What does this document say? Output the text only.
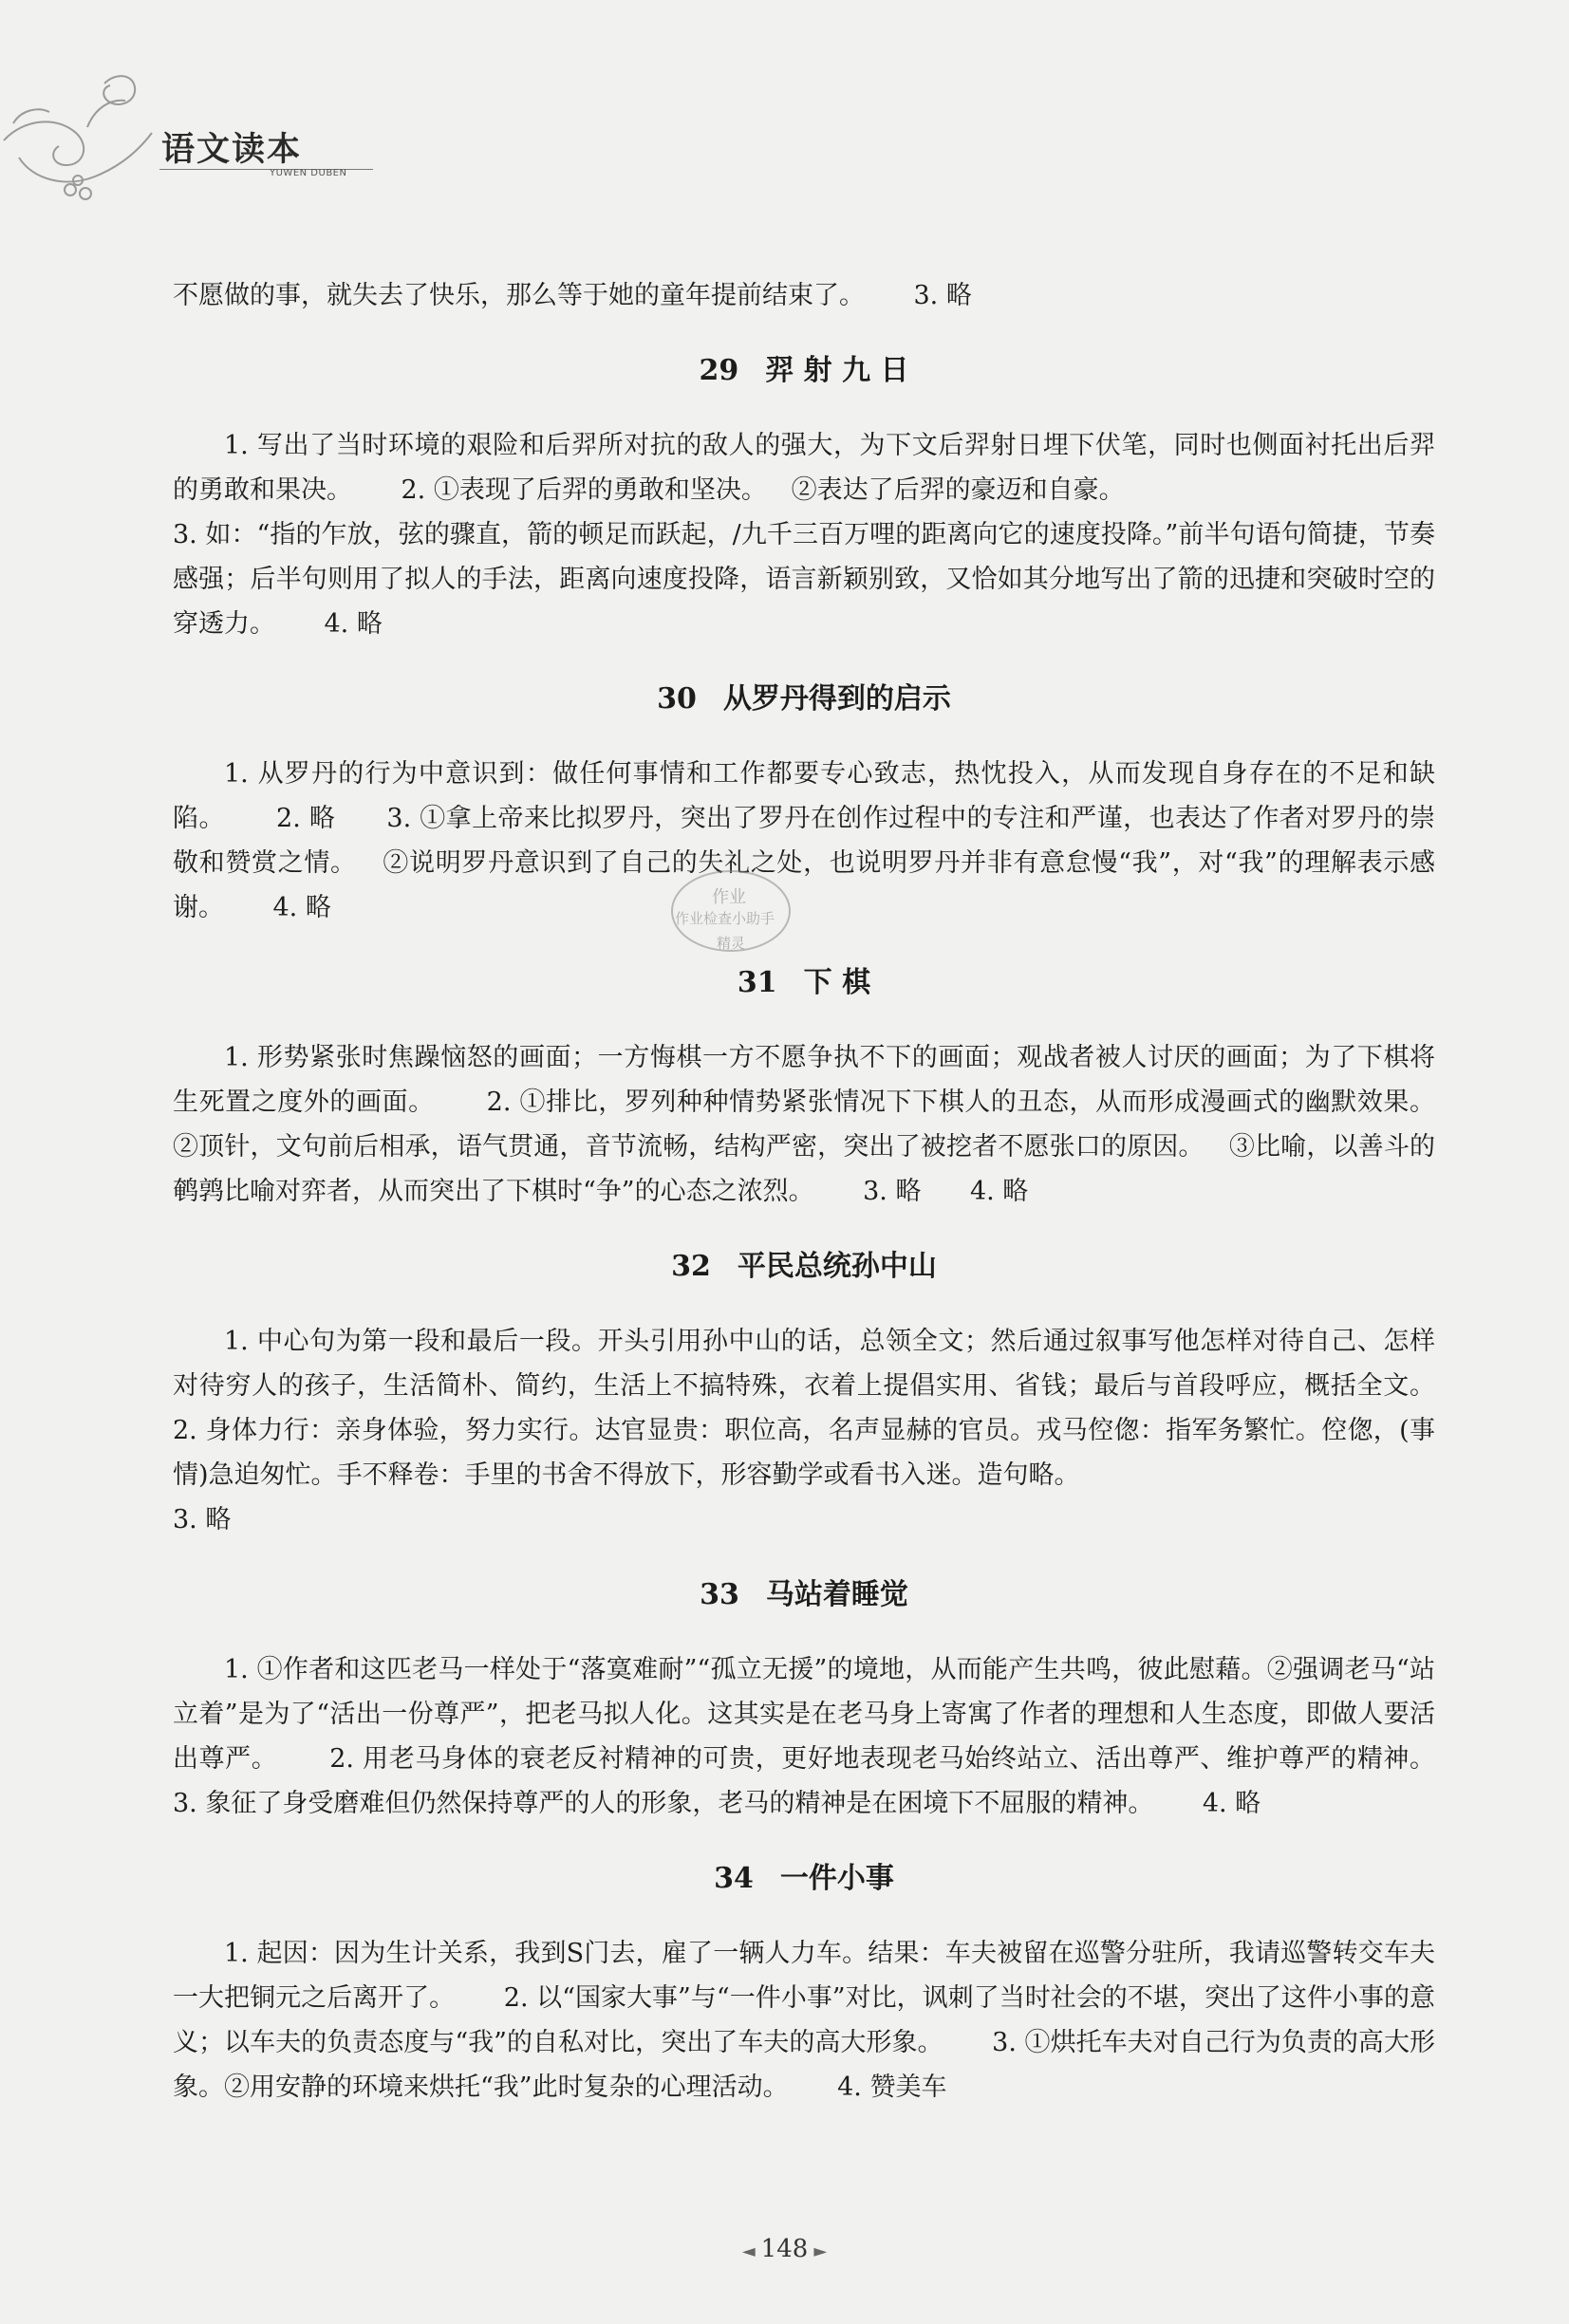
语文读本
YUWEN DUBEN

不愿做的事，就失去了快乐，那么等于她的童年提前结束了。      3. 略

29 羿 射 九 日

1. 写出了当时环境的艰险和后羿所对抗的敌人的强大，为下文后羿射日埋下伏笔，同时也侧面衬托出后羿的勇敢和果决。      2. ①表现了后羿的勇敢和坚决。   ②表达了后羿的豪迈和自豪。

3. 如：“指的乍放，弦的骤直，箭的顿足而跃起，/九千三百万哩的距离向它的速度投降。”前半句语句简捷，节奏感强；后半句则用了拟人的手法，距离向速度投降，语言新颖别致，又恰如其分地写出了箭的迅捷和突破时空的穿透力。      4. 略

30 从罗丹得到的启示

1. 从罗丹的行为中意识到：做任何事情和工作都要专心致志，热忱投入，从而发现自身存在的不足和缺陷。      2. 略      3. ①拿上帝来比拟罗丹，突出了罗丹在创作过程中的专注和严谨，也表达了作者对罗丹的崇敬和赞赏之情。   ②说明罗丹意识到了自己的失礼之处，也说明罗丹并非有意怠慢“我”，对“我”的理解表示感谢。      4. 略

31 下 棋

1. 形势紧张时焦躁恼怒的画面；一方悔棋一方不愿争执不下的画面；观战者被人讨厌的画面；为了下棋将生死置之度外的画面。      2. ①排比，罗列种种情势紧张情况下下棋人的丑态，从而形成漫画式的幽默效果。   ②顶针，文句前后相承，语气贯通，音节流畅，结构严密，突出了被挖者不愿张口的原因。   ③比喻，以善斗的鹌鹑比喻对弈者，从而突出了下棋时“争”的心态之浓烈。      3. 略      4. 略

32 平民总统孙中山

1. 中心句为第一段和最后一段。开头引用孙中山的话，总领全文；然后通过叙事写他怎样对待自己、怎样对待穷人的孩子，生活简朴、简约，生活上不搞特殊，衣着上提倡实用、省钱；最后与首段呼应，概括全文。      2. 身体力行：亲身体验，努力实行。达官显贵：职位高，名声显赫的官员。戎马倥偬：指军务繁忙。倥偬，(事情)急迫匆忙。手不释卷：手里的书舍不得放下，形容勤学或看书入迷。造句略。

3. 略

33 马站着睡觉

1. ①作者和这匹老马一样处于“落寞难耐”“孤立无援”的境地，从而能产生共鸣，彼此慰藉。②强调老马“站立着”是为了“活出一份尊严”，把老马拟人化。这其实是在老马身上寄寓了作者的理想和人生态度，即做人要活出尊严。      2. 用老马身体的衰老反衬精神的可贵，更好地表现老马始终站立、活出尊严、维护尊严的精神。      3. 象征了身受磨难但仍然保持尊严的人的形象，老马的精神是在困境下不屈服的精神。      4. 略

34 一件小事

1. 起因：因为生计关系，我到S门去，雇了一辆人力车。结果：车夫被留在巡警分驻所，我请巡警转交车夫一大把铜元之后离开了。      2. 以“国家大事”与“一件小事”对比，讽刺了当时社会的不堪，突出了这件小事的意义；以车夫的负责态度与“我”的自私对比，突出了车夫的高大形象。      3. ①烘托车夫对自己行为负责的高大形象。②用安静的环境来烘托“我”此时复杂的心理活动。      4. 赞美车

作业
作业检查小助手
精灵
◄ 148 ►
